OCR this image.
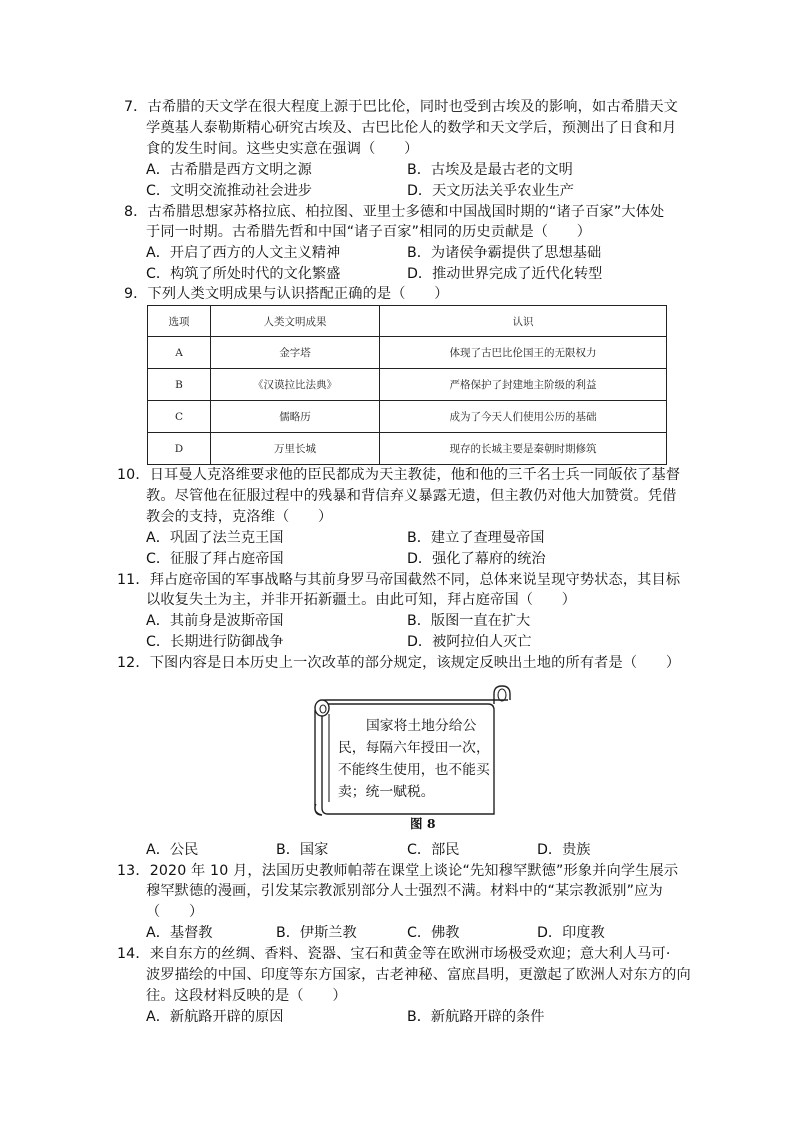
7．古希腊的天文学在很大程度上源于巴比伦，同时也受到古埃及的影响，如古希腊天文
学奠基人泰勒斯精心研究古埃及、古巴比伦人的数学和天文学后，预测出了日食和月
食的发生时间。这些史实意在强调（　　）
A．古希腊是西方文明之源	B．古埃及是最古老的文明
C．文明交流推动社会进步	D．天文历法关乎农业生产
8．古希腊思想家苏格拉底、柏拉图、亚里士多德和中国战国时期的“诸子百家”大体处
于同一时期。古希腊先哲和中国“诸子百家”相同的历史贡献是（　　）
A．开启了西方的人文主义精神	B．为诸侯争霸提供了思想基础
C．构筑了所处时代的文化繁盛	D．推动世界完成了近代化转型
9．下列人类文明成果与认识搭配正确的是（　　）
选项	人类文明成果	认识
A	金字塔	体现了古巴比伦国王的无限权力
B	《汉谟拉比法典》	严格保护了封建地主阶级的利益
C	儒略历	成为了今天人们使用公历的基础
D	万里长城	现存的长城主要是秦朝时期修筑
10．日耳曼人克洛维要求他的臣民都成为天主教徒，他和他的三千名士兵一同皈依了基督
教。尽管他在征服过程中的残暴和背信弃义暴露无遗，但主教仍对他大加赞赏。凭借
教会的支持，克洛维（　　）
A．巩固了法兰克王国	B．建立了查理曼帝国
C．征服了拜占庭帝国	D．强化了幕府的统治
11．拜占庭帝国的军事战略与其前身罗马帝国截然不同，总体来说呈现守势状态，其目标
以收复失土为主，并非开拓新疆土。由此可知，拜占庭帝国（　　）
A．其前身是波斯帝国	B．版图一直在扩大
C．长期进行防御战争	D．被阿拉伯人灭亡
12．下图内容是日本历史上一次改革的部分规定，该规定反映出土地的所有者是（　　）
国家将土地分给公
民，每隔六年授田一次，
不能终生使用，也不能买
卖；统一赋税。
图 8
A．公民	B．国家	C．部民	D．贵族
13．2020 年 10 月，法国历史教师帕蒂在课堂上谈论“先知穆罕默德”形象并向学生展示
穆罕默德的漫画，引发某宗教派别部分人士强烈不满。材料中的“某宗教派别”应为
（　　）
A．基督教	B．伊斯兰教	C．佛教	D．印度教
14．来自东方的丝绸、香料、瓷器、宝石和黄金等在欧洲市场极受欢迎；意大利人马可·
波罗描绘的中国、印度等东方国家，古老神秘、富庶昌明，更激起了欧洲人对东方的向
往。这段材料反映的是（　　）
A．新航路开辟的原因	B．新航路开辟的条件
